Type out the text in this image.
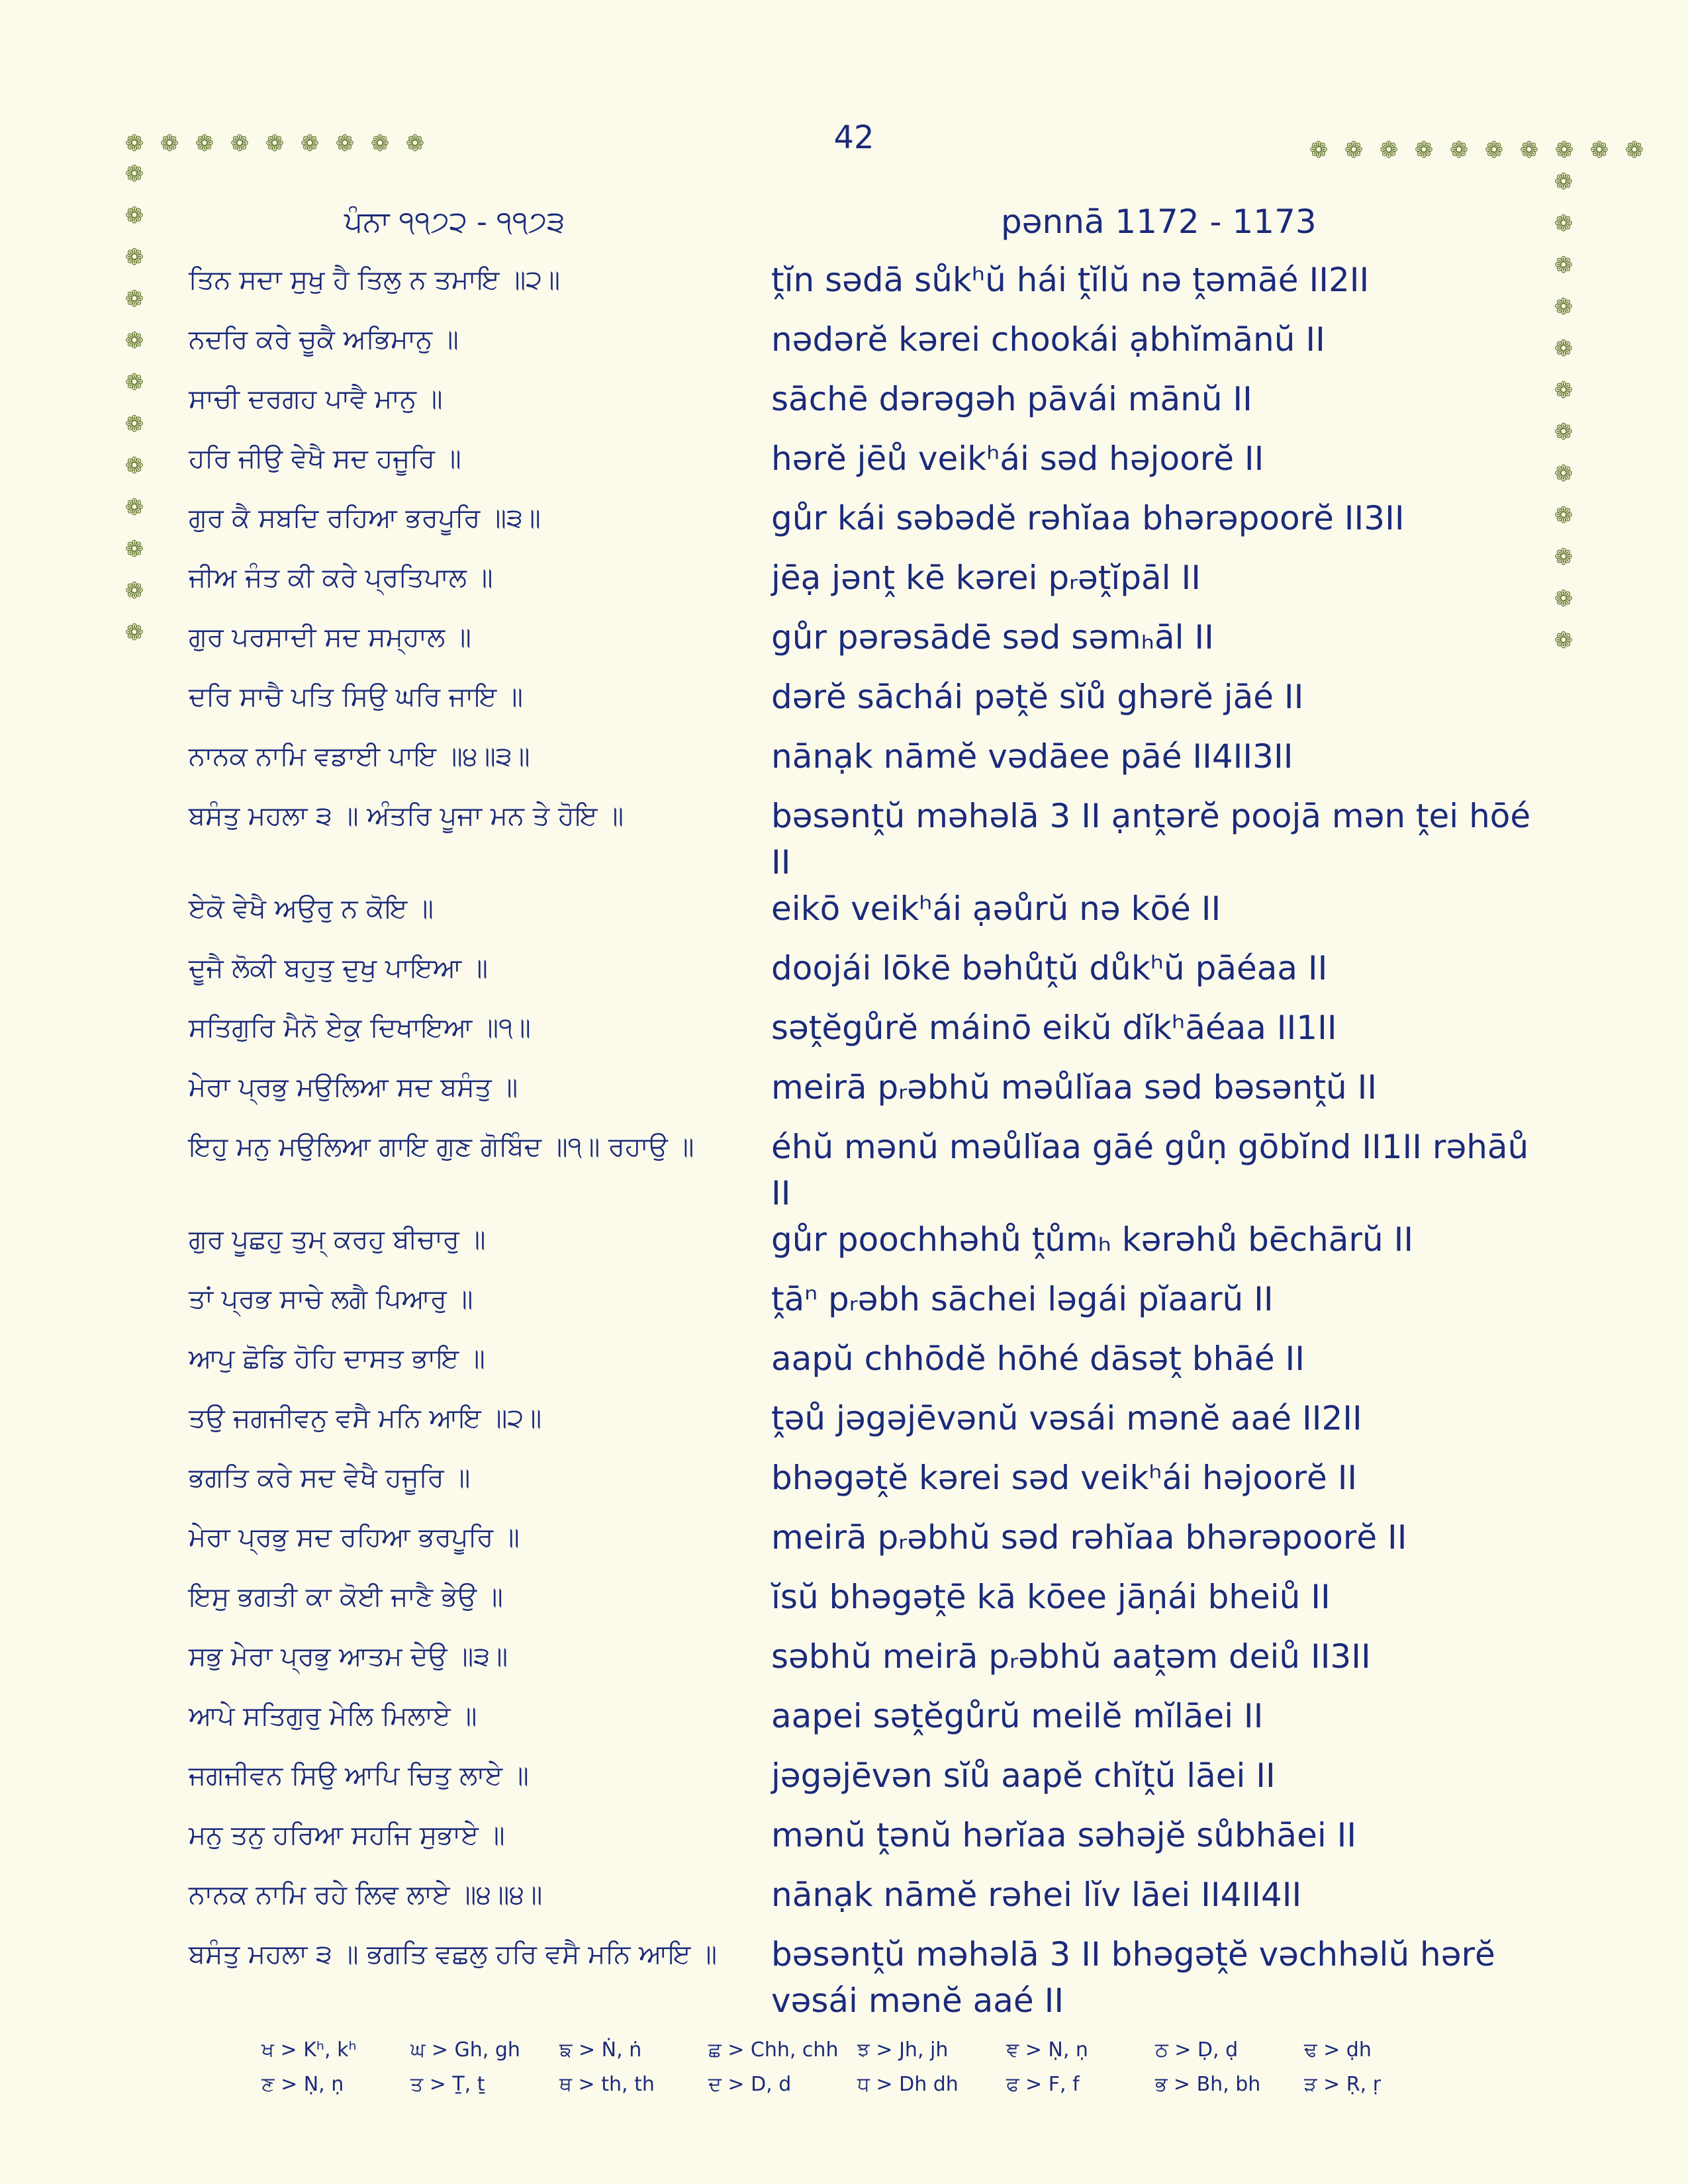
❁ ❁ ❁ ❁ ❁ ❁ ❁ ❁ ❁	❁ ❁ ❁ ❁ ❁ ❁ ❁ ❁ ❁ ❁
❁
❁
❁
❁
❁
❁
❁
❁
❁
❁
❁
❁
❁
❁
❁
❁
❁
❁
❁
❁
❁
❁
❁
❁
42
ਪੰਨਾ ੧੧੭੨ - ੧੧੭੩	pənnā 1172 - 1173
ਤਿਨ ਸਦਾ ਸੁਖੁ ਹੈ ਤਿਲੁ ਨ ਤਮਾਇ ॥੨॥	ṱĭn sədā sůkʰŭ hái ṱĭlŭ nə ṱəmāé II2II
ਨਦਰਿ ਕਰੇ ਚੂਕੈ ਅਭਿਮਾਨੁ ॥	nədərĕ kərei chookái ạbhĭmānŭ II
ਸਾਚੀ ਦਰਗਹ ਪਾਵੈ ਮਾਨੁ ॥	sāchē dərəgəh pāvái mānŭ II
ਹਰਿ ਜੀਉ ਵੇਖੈ ਸਦ ਹਜੂਰਿ ॥	hərĕ jēů veikʰái səd həjoorĕ II
ਗੁਰ ਕੈ ਸਬਦਿ ਰਹਿਆ ਭਰਪੂਰਿ ॥੩॥	gůr kái səbədĕ rəhĭaa bhərəpoorĕ II3II
ਜੀਅ ਜੰਤ ਕੀ ਕਰੇ ਪ੍ਰਤਿਪਾਲ ॥	jēạ jənṱ kē kərei pᵣəṱĭpāl II
ਗੁਰ ਪਰਸਾਦੀ ਸਦ ਸਮ੍ਹਾਲ ॥	gůr pərəsādē səd səmₕāl II
ਦਰਿ ਸਾਚੈ ਪਤਿ ਸਿਉ ਘਰਿ ਜਾਇ ॥	dərĕ sāchái pəṱĕ sĭů ghərĕ jāé II
ਨਾਨਕ ਨਾਮਿ ਵਡਾਈ ਪਾਇ ॥੪॥੩॥	nānạk nāmĕ vədāee pāé II4II3II
ਬਸੰਤੁ ਮਹਲਾ ੩ ॥ ਅੰਤਰਿ ਪੂਜਾ ਮਨ ਤੇ ਹੋਇ ॥	bəsənṱŭ məhəlā 3 II ạnṱərĕ poojā mən ṱei hōé II
ਏਕੋ ਵੇਖੈ ਅਉਰੁ ਨ ਕੋਇ ॥	eikō veikʰái ạəůrŭ nə kōé II
ਦੂਜੈ ਲੋਕੀ ਬਹੁਤੁ ਦੁਖੁ ਪਾਇਆ ॥	doojái lōkē bəhůṱŭ důkʰŭ pāéaa II
ਸਤਿਗੁਰਿ ਮੈਨੋ ਏਕੁ ਦਿਖਾਇਆ ॥੧॥	səṱĕgůrĕ máinō eikŭ dĭkʰāéaa II1II
ਮੇਰਾ ਪ੍ਰਭੁ ਮਉਲਿਆ ਸਦ ਬਸੰਤੁ ॥	meirā pᵣəbhŭ məůlĭaa səd bəsənṱŭ II
ਇਹੁ ਮਨੁ ਮਉਲਿਆ ਗਾਇ ਗੁਣ ਗੋਬਿੰਦ ॥੧॥ ਰਹਾਉ ॥	éhŭ mənŭ məůlĭaa gāé gůṇ gōbĭnd II1II rəhāů II
ਗੁਰ ਪੂਛਹੁ ਤੁਮ੍ ਕਰਹੁ ਬੀਚਾਰੁ ॥	gůr poochhəhů ṱůmₕ kərəhů bēchārŭ II
ਤਾਂ ਪ੍ਰਭ ਸਾਚੇ ਲਗੈ ਪਿਆਰੁ ॥	ṱāⁿ pᵣəbh sāchei ləgái pĭaarŭ II
ਆਪੁ ਛੋਡਿ ਹੋਹਿ ਦਾਸਤ ਭਾਇ ॥	aapŭ chhōdĕ hōhé dāsəṱ bhāé II
ਤਉ ਜਗਜੀਵਨੁ ਵਸੈ ਮਨਿ ਆਇ ॥੨॥	ṱəů jəgəjēvənŭ vəsái mənĕ aaé II2II
ਭਗਤਿ ਕਰੇ ਸਦ ਵੇਖੈ ਹਜੂਰਿ ॥	bhəgəṱĕ kərei səd veikʰái həjoorĕ II
ਮੇਰਾ ਪ੍ਰਭੁ ਸਦ ਰਹਿਆ ਭਰਪੂਰਿ ॥	meirā pᵣəbhŭ səd rəhĭaa bhərəpoorĕ II
ਇਸੁ ਭਗਤੀ ਕਾ ਕੋਈ ਜਾਣੈ ਭੇਉ ॥	ĭsŭ bhəgəṱē kā kōee jāṇái bheiů II
ਸਭੁ ਮੇਰਾ ਪ੍ਰਭੁ ਆਤਮ ਦੇਉ ॥੩॥	səbhŭ meirā pᵣəbhŭ aaṱəm deiů II3II
ਆਪੇ ਸਤਿਗੁਰੁ ਮੇਲਿ ਮਿਲਾਏ ॥	aapei səṱĕgůrŭ meilĕ mĭlāei II
ਜਗਜੀਵਨ ਸਿਉ ਆਪਿ ਚਿਤੁ ਲਾਏ ॥	jəgəjēvən sĭů aapĕ chĭṱŭ lāei II
ਮਨੁ ਤਨੁ ਹਰਿਆ ਸਹਜਿ ਸੁਭਾਏ ॥	mənŭ ṱənŭ hərĭaa səhəjĕ sůbhāei II
ਨਾਨਕ ਨਾਮਿ ਰਹੇ ਲਿਵ ਲਾਏ ॥੪॥੪॥	nānạk nāmĕ rəhei lĭv lāei II4II4II
ਬਸੰਤੁ ਮਹਲਾ ੩ ॥ ਭਗਤਿ ਵਛਲੁ ਹਰਿ ਵਸੈ ਮਨਿ ਆਇ ॥	bəsənṱŭ məhəlā 3 II bhəgəṱĕ vəchhəlŭ hərĕ vəsái mənĕ aaé II
ਖ > Kʰ, kʰ	ਘ > Gh, gh	ਙ > Ṅ, ṅ	ਛ > Chh, chh ਝ > Jh, jh	ਞ > Ṇ, ṇ	ਠ > Ḍ, ḍ	ਢ > ḍh
ਣ > Ṇ, ṇ	ਤ > Ṯ, ṯ	ਥ > th, th	ਦ > D, d	ਧ > Dh dh	ਫ > F, f	ਭ > Bh, bh	ੜ > Ṛ, ṛ
